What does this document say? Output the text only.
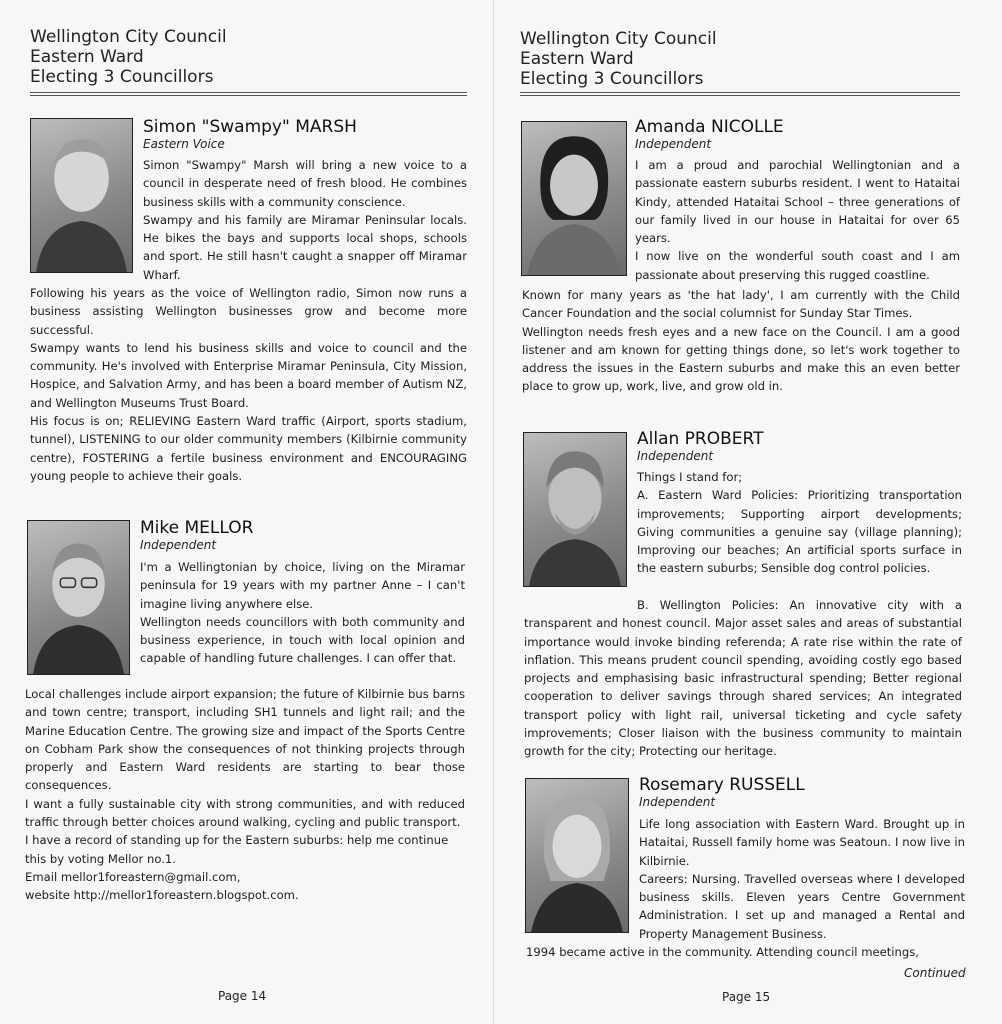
Wellington City Council
Eastern Ward
Electing 3 Councillors
Simon "Swampy" MARSH
Eastern Voice

Simon "Swampy" Marsh will bring a new voice to a council in desperate need of fresh blood. He combines business skills with a community conscience.

Swampy and his family are Miramar Peninsular locals. He bikes the bays and supports local shops, schools and sport. He still hasn't caught a snapper off Miramar Wharf.

Following his years as the voice of Wellington radio, Simon now runs a business assisting Wellington businesses grow and become more successful.

Swampy wants to lend his business skills and voice to council and the community. He's involved with Enterprise Miramar Peninsula, City Mission, Hospice, and Salvation Army, and has been a board member of Autism NZ, and Wellington Museums Trust Board.

His focus is on; RELIEVING Eastern Ward traffic (Airport, sports stadium, tunnel), LISTENING to our older community members (Kilbirnie community centre), FOSTERING a fertile business environment and ENCOURAGING young people to achieve their goals.

Mike MELLOR
Independent

I'm a Wellingtonian by choice, living on the Miramar peninsula for 19 years with my partner Anne – I can't imagine living anywhere else.

Wellington needs councillors with both community and business experience, in touch with local opinion and capable of handling future challenges. I can offer that.

Local challenges include airport expansion; the future of Kilbirnie bus barns and town centre; transport, including SH1 tunnels and light rail; and the Marine Education Centre. The growing size and impact of the Sports Centre on Cobham Park show the consequences of not thinking projects through properly and Eastern Ward residents are starting to bear those consequences.

I want a fully sustainable city with strong communities, and with reduced traffic through better choices around walking, cycling and public transport.

I have a record of standing up for the Eastern suburbs: help me continue this by voting Mellor no.1.

Email mellor1foreastern@gmail.com,

website http://mellor1foreastern.blogspot.com.

Page 14
Wellington City Council
Eastern Ward
Electing 3 Councillors
Amanda NICOLLE
Independent

I am a proud and parochial Wellingtonian and a passionate eastern suburbs resident. I went to Hataitai Kindy, attended Hataitai School – three generations of our family lived in our house in Hataitai for over 65 years.

I now live on the wonderful south coast and I am passionate about preserving this rugged coastline.

Known for many years as 'the hat lady', I am currently with the Child Cancer Foundation and the social columnist for Sunday Star Times.

Wellington needs fresh eyes and a new face on the Council. I am a good listener and am known for getting things done, so let's work together to address the issues in the Eastern suburbs and make this an even better place to grow up, work, live, and grow old in.

Allan PROBERT
Independent

Things I stand for;

A. Eastern Ward Policies: Prioritizing transportation improvements; Supporting airport developments; Giving communities a genuine say (village planning); Improving our beaches; An artificial sports surface in the eastern suburbs; Sensible dog control policies.

B. Wellington Policies: An innovative city with a transparent and honest council. Major asset sales and areas of substantial importance would invoke binding referenda; A rate rise within the rate of inflation. This means prudent council spending, avoiding costly ego based projects and emphasising basic infrastructural spending; Better regional cooperation to deliver savings through shared services; An integrated transport policy with light rail, universal ticketing and cycle safety improvements; Closer liaison with the business community to maintain growth for the city; Protecting our heritage.

Rosemary RUSSELL
Independent

Life long association with Eastern Ward. Brought up in Hataitai, Russell family home was Seatoun. I now live in Kilbirnie.

Careers: Nursing. Travelled overseas where I developed business skills. Eleven years Centre Government Administration. I set up and managed a Rental and Property Management Business.

1994 became active in the community. Attending council meetings,

Continued
Page 15
